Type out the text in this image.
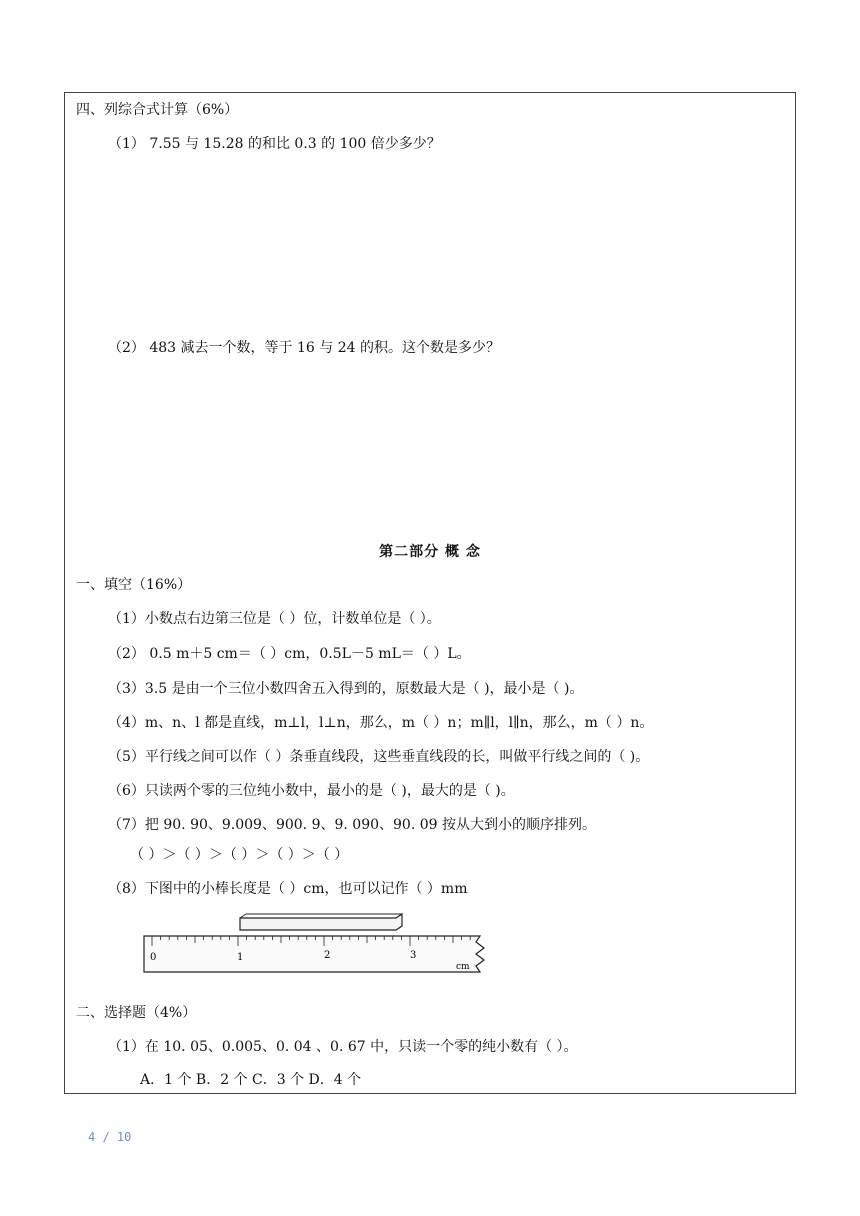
四、列综合式计算（6%）
（1） 7.55 与 15.28 的和比 0.3 的 100 倍少多少？
（2） 483 减去一个数，等于 16 与 24 的积。这个数是多少？
第二部分 概 念
一、填空（16%）
（1）小数点右边第三位是（ ）位，计数单位是（ ）。
（2） 0.5 m＋5 cm＝（ ）cm，0.5L－5 mL＝（ ）L。
（3）3.5 是由一个三位小数四舍五入得到的，原数最大是（ )，最小是（ )。
（4）m、n、l 都是直线，m⊥l，l⊥n，那么，m（ ）n；m∥l，l∥n，那么，m（ ）n。
（5）平行线之间可以作（ ）条垂直线段，这些垂直线段的长，叫做平行线之间的（ )。
（6）只读两个零的三位纯小数中，最小的是（ )，最大的是（ )。
（7）把 90. 90、9.009、900. 9、9. 090、90. 09 按从大到小的顺序排列。
（ ）＞（ ）＞（ ）＞（ ）＞（ ）
（8）下图中的小棒长度是（ ）cm，也可以记作（ ）mm
0	1	2	3
cm
二、选择题（4%）
（1）在 10. 05、0.005、0. 04 、0. 67 中，只读一个零的纯小数有（ ）。
A．1 个 B．2 个 C．3 个 D．4 个
4 / 10
